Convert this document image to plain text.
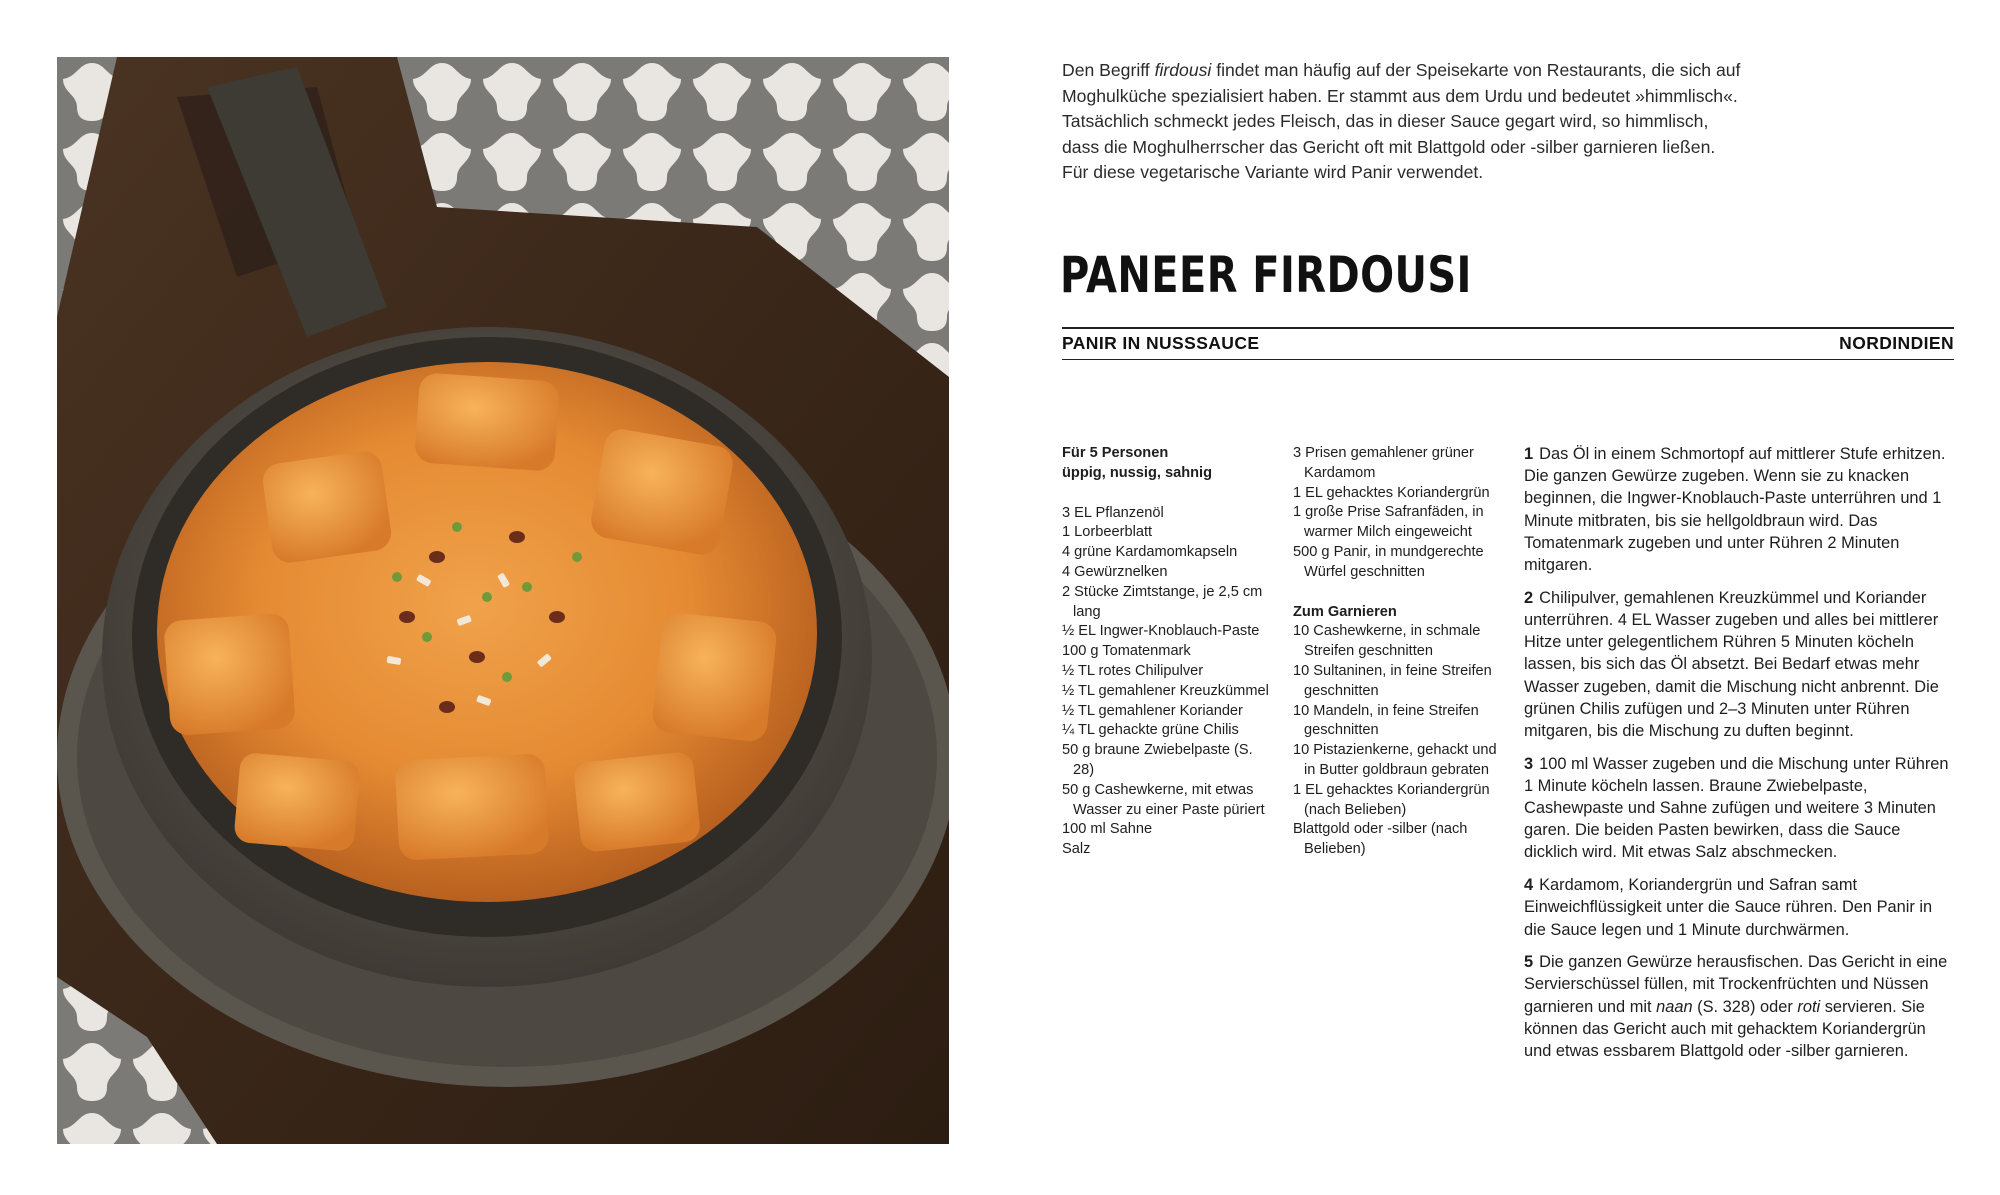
Den Begriff firdousi findet man häufig auf der Speisekarte von Restaurants, die sich auf Moghulküche spezialisiert haben. Er stammt aus dem Urdu und bedeutet »himmlisch«. Tatsächlich schmeckt jedes Fleisch, das in dieser Sauce gegart wird, so himmlisch, dass die Moghulherrscher das Gericht oft mit Blattgold oder -silber garnieren ließen. Für diese vegetarische Variante wird Panir verwendet.

PANEER FIRDOUSI
PANIR IN NUSSSAUCE	NORDINDIEN
Für 5 Personen
üppig, nussig, sahnig
3 EL Pflanzenöl
1 Lorbeerblatt
4 grüne Kardamomkapseln
4 Gewürznelken
2 Stücke Zimtstange, je 2,5 cm lang
½ EL Ingwer-Knoblauch-Paste
100 g Tomatenmark
½ TL rotes Chilipulver
½ TL gemahlener Kreuzkümmel
½ TL gemahlener Koriander
¼ TL gehackte grüne Chilis
50 g braune Zwiebelpaste (S. 28)
50 g Cashewkerne, mit etwas Wasser zu einer Paste püriert
100 ml Sahne
Salz
3 Prisen gemahlener grüner Kardamom
1 EL gehacktes Koriandergrün
1 große Prise Safranfäden, in warmer Milch eingeweicht
500 g Panir, in mundgerechte Würfel geschnitten
Zum Garnieren
10 Cashewkerne, in schmale Streifen geschnitten
10 Sultaninen, in feine Streifen geschnitten
10 Mandeln, in feine Streifen geschnitten
10 Pistazienkerne, gehackt und in Butter goldbraun gebraten
1 EL gehacktes Koriandergrün (nach Belieben)
Blattgold oder -silber (nach Belieben)

1 Das Öl in einem Schmortopf auf mittlerer Stufe erhitzen. Die ganzen Gewürze zugeben. Wenn sie zu knacken beginnen, die Ingwer-Knoblauch-Paste unterrühren und 1 Minute mitbraten, bis sie hellgoldbraun wird. Das Tomatenmark zugeben und unter Rühren 2 Minuten mitgaren.

2 Chilipulver, gemahlenen Kreuzkümmel und Koriander unterrühren. 4 EL Wasser zugeben und alles bei mittlerer Hitze unter gelegentlichem Rühren 5 Minuten köcheln lassen, bis sich das Öl absetzt. Bei Bedarf etwas mehr Wasser zugeben, damit die Mischung nicht anbrennt. Die grünen Chilis zufügen und 2–3 Minuten unter Rühren mitgaren, bis die Mischung zu duften beginnt.

3 100 ml Wasser zugeben und die Mischung unter Rühren 1 Minute köcheln lassen. Braune Zwiebelpaste, Cashewpaste und Sahne zufügen und weitere 3 Minuten garen. Die beiden Pasten bewirken, dass die Sauce dicklich wird. Mit etwas Salz abschmecken.

4 Kardamom, Koriandergrün und Safran samt Einweichflüssigkeit unter die Sauce rühren. Den Panir in die Sauce legen und 1 Minute durchwärmen.

5 Die ganzen Gewürze herausfischen. Das Gericht in eine Servierschüssel füllen, mit Trockenfrüchten und Nüssen garnieren und mit naan (S. 328) oder roti servieren. Sie können das Gericht auch mit gehacktem Koriandergrün und etwas essbarem Blattgold oder -silber garnieren.
